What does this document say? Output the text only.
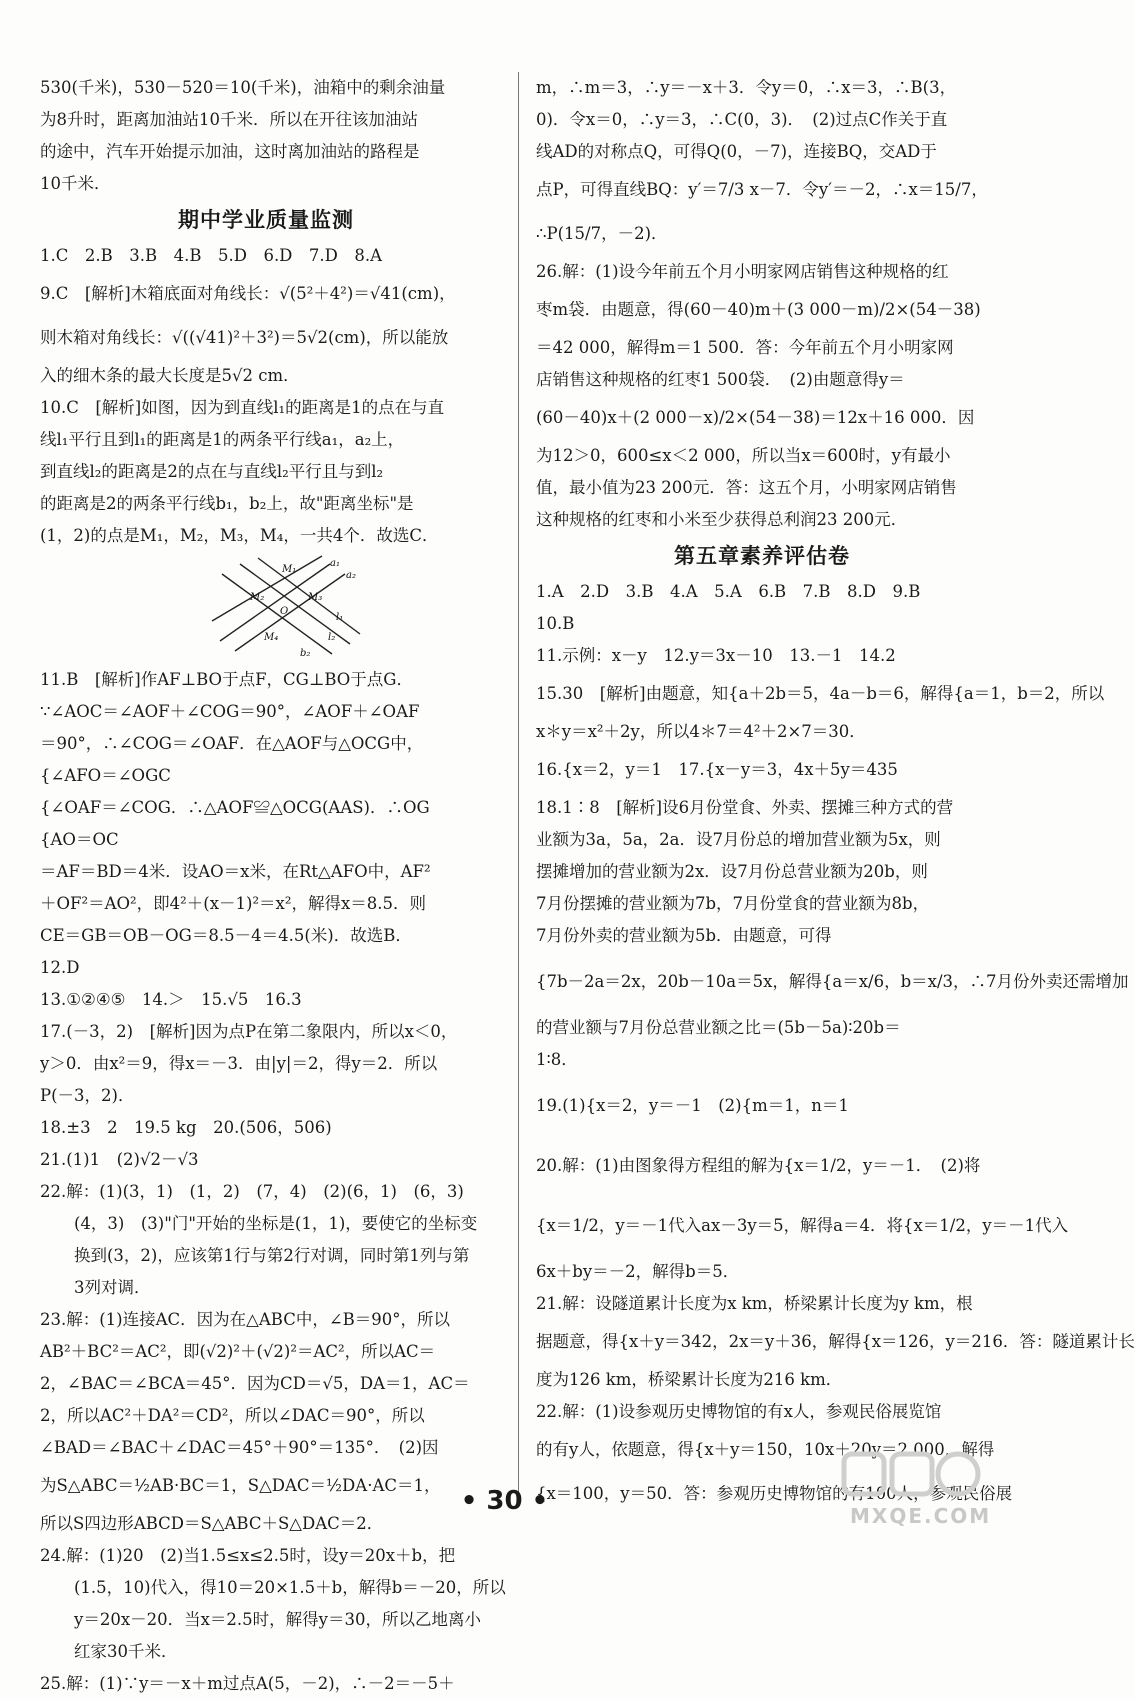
530(千米)，530－520＝10(千米)，油箱中的剩余油量
为8升时，距离加油站10千米．所以在开往该加油站
的途中，汽车开始提示加油，这时离加油站的路程是
10千米．
期中学业质量监测
1.C　2.B　3.B　4.B　5.D　6.D　7.D　8.A
9.C　[解析]木箱底面对角线长：√(5²＋4²)＝√41(cm)，
则木箱对角线长：√((√41)²＋3²)＝5√2(cm)，所以能放
入的细木条的最大长度是5√2 cm．
10.C　[解析]如图，因为到直线l₁的距离是1的点在与直
线l₁平行且到l₁的距离是1的两条平行线a₁，a₂上，
到直线l₂的距离是2的点在与直线l₂平行且与到l₂
的距离是2的两条平行线b₁，b₂上，故"距离坐标"是
(1，2)的点是M₁，M₂，M₃，M₄，一共4个．故选C．
M₁
a₁
a₂
M₂
O
M₃
l₁
M₄	l₂
b₂
11.B　[解析]作AF⊥BO于点F，CG⊥BO于点G．
∵∠AOC＝∠AOF＋∠COG＝90°，∠AOF＋∠OAF
＝90°，∴∠COG＝∠OAF．在△AOF与△OCG中，
{∠AFO＝∠OGC
{∠OAF＝∠COG．∴△AOF≌△OCG(AAS)．∴OG
{AO＝OC
＝AF＝BD＝4米．设AO＝x米，在Rt△AFO中，AF²
＋OF²＝AO²，即4²＋(x－1)²＝x²，解得x＝8.5．则
CE＝GB＝OB－OG＝8.5－4＝4.5(米)．故选B．
12.D
13.①②④⑤　14.＞　15.√5　16.3
17.(－3，2)　[解析]因为点P在第二象限内，所以x＜0，
y＞0．由x²＝9，得x＝－3．由|y|＝2，得y＝2．所以
P(－3，2)．
18.±3　2　19.5 kg　20.(506，506)
21.(1)1　(2)√2－√3
22.解：(1)(3，1)　(1，2)　(7，4)　(2)(6，1)　(6，3)
(4，3)　(3)"门"开始的坐标是(1，1)，要使它的坐标变
换到(3，2)，应该第1行与第2行对调，同时第1列与第
3列对调．
23.解：(1)连接AC．因为在△ABC中，∠B＝90°，所以
AB²＋BC²＝AC²，即(√2)²＋(√2)²＝AC²，所以AC＝
2，∠BAC＝∠BCA＝45°．因为CD＝√5，DA＝1，AC＝
2，所以AC²＋DA²＝CD²，所以∠DAC＝90°，所以
∠BAD＝∠BAC＋∠DAC＝45°＋90°＝135°．　(2)因
为S△ABC＝½AB·BC＝1，S△DAC＝½DA·AC＝1，
所以S四边形ABCD＝S△ABC＋S△DAC＝2．
24.解：(1)20　(2)当1.5≤x≤2.5时，设y＝20x＋b，把
(1.5，10)代入，得10＝20×1.5＋b，解得b＝－20，所以
y＝20x－20．当x＝2.5时，解得y＝30，所以乙地离小
红家30千米．
25.解：(1)∵y＝－x＋m过点A(5，－2)，∴－2＝－5＋
m，∴m＝3，∴y＝－x＋3．令y＝0，∴x＝3，∴B(3，
0)．令x＝0，∴y＝3，∴C(0，3)．　(2)过点C作关于直
线AD的对称点Q，可得Q(0，－7)，连接BQ，交AD于
点P，可得直线BQ：y′＝7/3 x－7．令y′＝－2，∴x＝15/7，
∴P(15/7，－2)．
26.解：(1)设今年前五个月小明家网店销售这种规格的红
枣m袋．由题意，得(60－40)m＋(3 000－m)/2×(54－38)
＝42 000，解得m＝1 500．答：今年前五个月小明家网
店销售这种规格的红枣1 500袋．　(2)由题意得y＝
(60－40)x＋(2 000－x)/2×(54－38)＝12x＋16 000．因
为12＞0，600≤x＜2 000，所以当x＝600时，y有最小
值，最小值为23 200元．答：这五个月，小明家网店销售
这种规格的红枣和小米至少获得总利润23 200元．
第五章素养评估卷
1.A　2.D　3.B　4.A　5.A　6.B　7.B　8.D　9.B
10.B
11.示例：x－y　12.y＝3x－10　13.－1　14.2
15.30　[解析]由题意，知{a＋2b＝5，4a－b＝6，解得{a＝1，b＝2，所以
x＊y＝x²＋2y，所以4＊7＝4²＋2×7＝30．
16.{x＝2，y＝1　17.{x－y＝3，4x＋5y＝435
18.1∶8　[解析]设6月份堂食、外卖、摆摊三种方式的营
业额为3a，5a，2a．设7月份总的增加营业额为5x，则
摆摊增加的营业额为2x．设7月份总营业额为20b，则
7月份摆摊的营业额为7b，7月份堂食的营业额为8b，
7月份外卖的营业额为5b．由题意，可得
{7b－2a＝2x，20b－10a＝5x，解得{a＝x/6，b＝x/3，∴7月份外卖还需增加
的营业额与7月份总营业额之比＝(5b－5a)∶20b＝
1∶8．
19.(1){x＝2，y＝－1　(2){m＝1，n＝1
20.解：(1)由图象得方程组的解为{x＝1/2，y＝－1．　(2)将
{x＝1/2，y＝－1代入ax－3y＝5，解得a＝4．将{x＝1/2，y＝－1代入
6x＋by＝－2，解得b＝5．
21.解：设隧道累计长度为x km，桥梁累计长度为y km，根
据题意，得{x＋y＝342，2x＝y＋36，解得{x＝126，y＝216．答：隧道累计长
度为126 km，桥梁累计长度为216 km．
22.解：(1)设参观历史博物馆的有x人，参观民俗展览馆
的有y人，依题意，得{x＋y＝150，10x＋20y＝2 000，解得
{x＝100，y＝50．答：参观历史博物馆的有100人，参观民俗展
• 30 •	MXQE.COM
